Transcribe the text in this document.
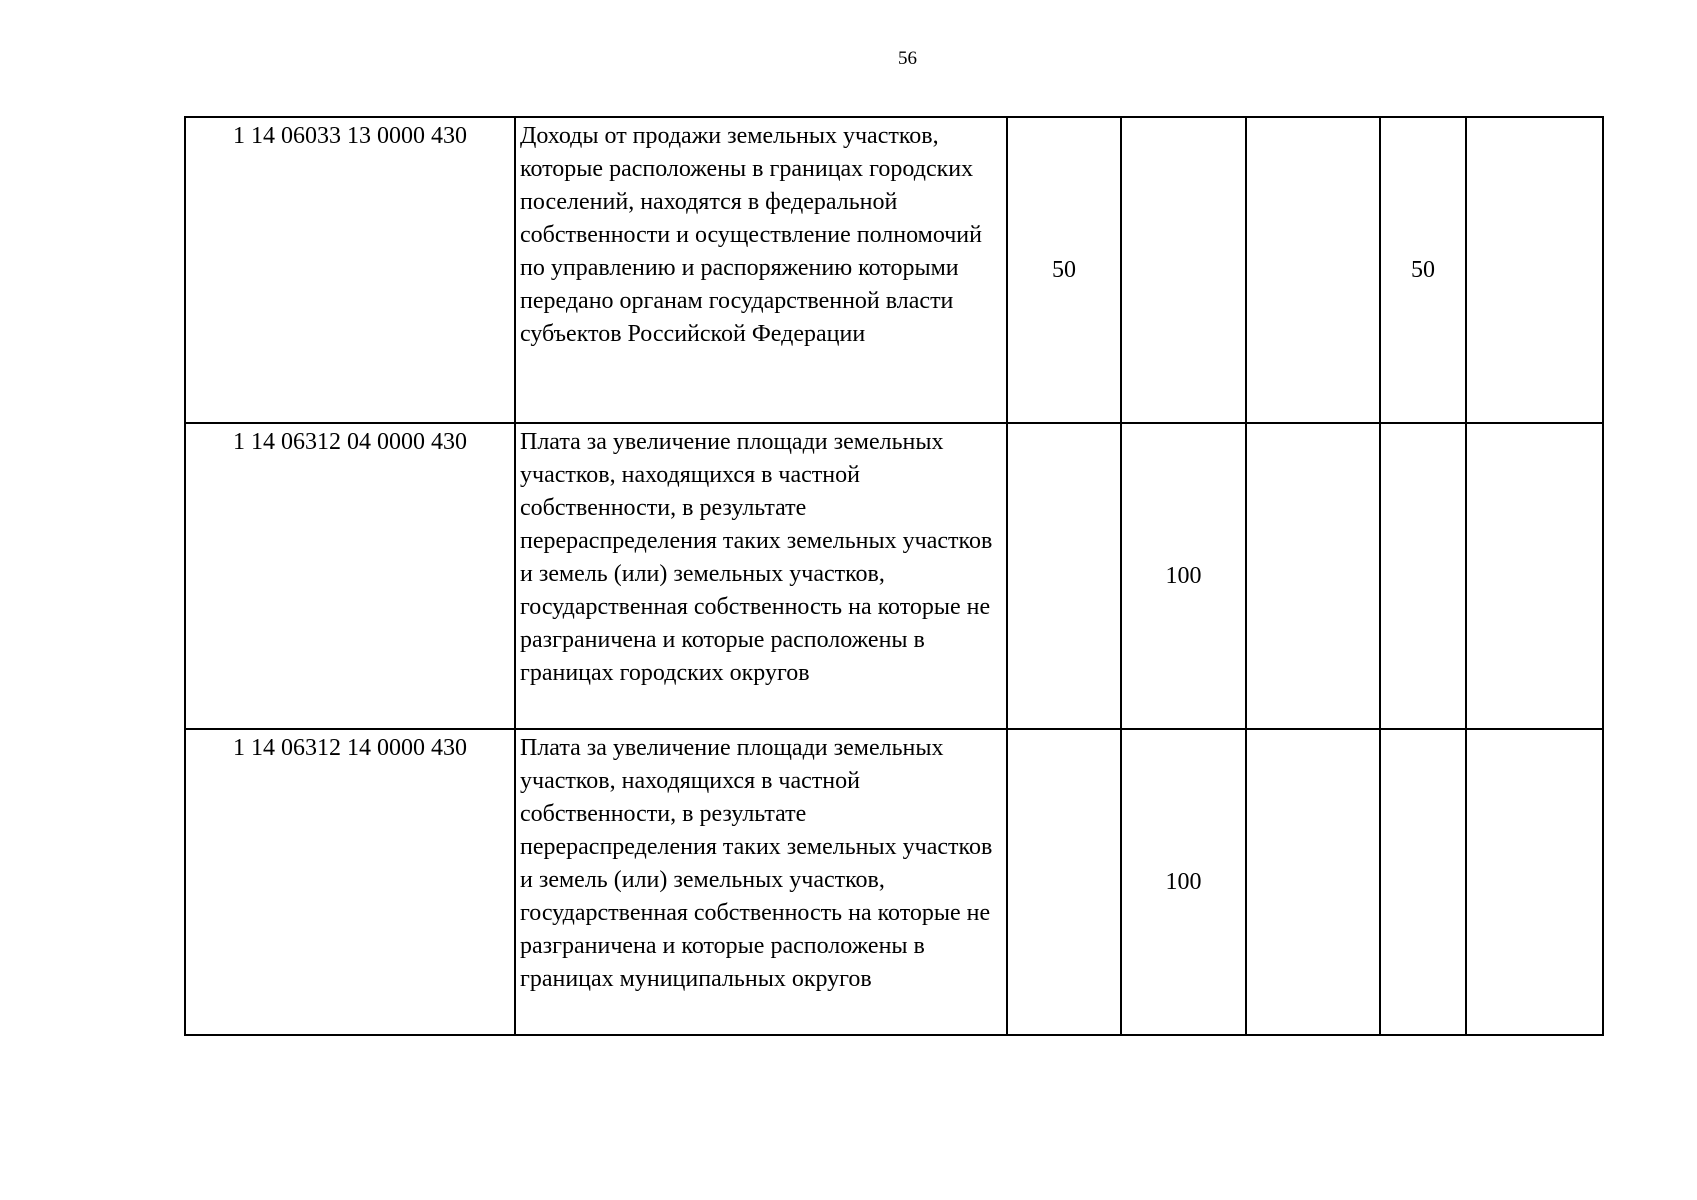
56
1 14 06033 13 0000 430	Доходы от продажи земельных участков, которые расположены в границах городских поселений, находятся в федеральной собственности и осуществление полномочий по управлению и распоряжению которыми передано органам государственной власти субъектов Российской Федерации	50			50	
1 14 06312 04 0000 430	Плата за увеличение площади земельных участков, находящихся в частной собственности, в результате перераспределения таких земельных участков и земель (или) земельных участков, государственная собственность на которые не разграничена и которые расположены в границах городских округов		100			
1 14 06312 14 0000 430	Плата за увеличение площади земельных участков, находящихся в частной собственности, в результате перераспределения таких земельных участков и земель (или) земельных участков, государственная собственность на которые не разграничена и которые расположены в границах муниципальных округов		100			
